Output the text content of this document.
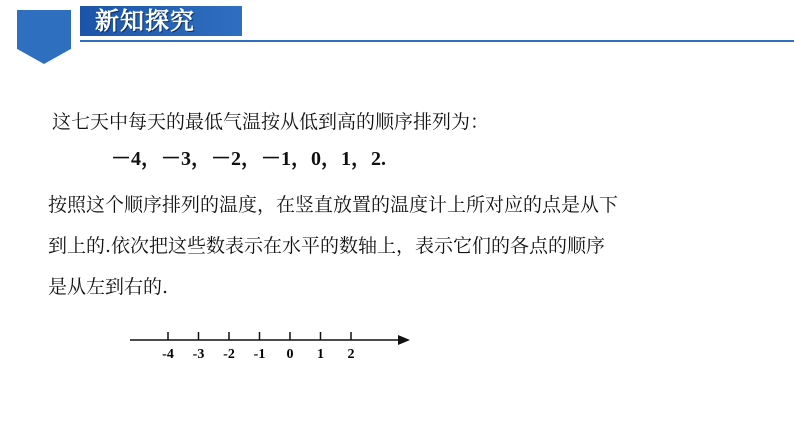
新知探究
这七天中每天的最低气温按从低到高的顺序排列为：
－4，－3，－2，－1，0，1，2.
按照这个顺序排列的温度，在竖直放置的温度计上所对应的点是从下
到上的.依次把这些数表示在水平的数轴上，表示它们的各点的顺序
是从左到右的.
-4 -3 -2 -1 0 1 2
